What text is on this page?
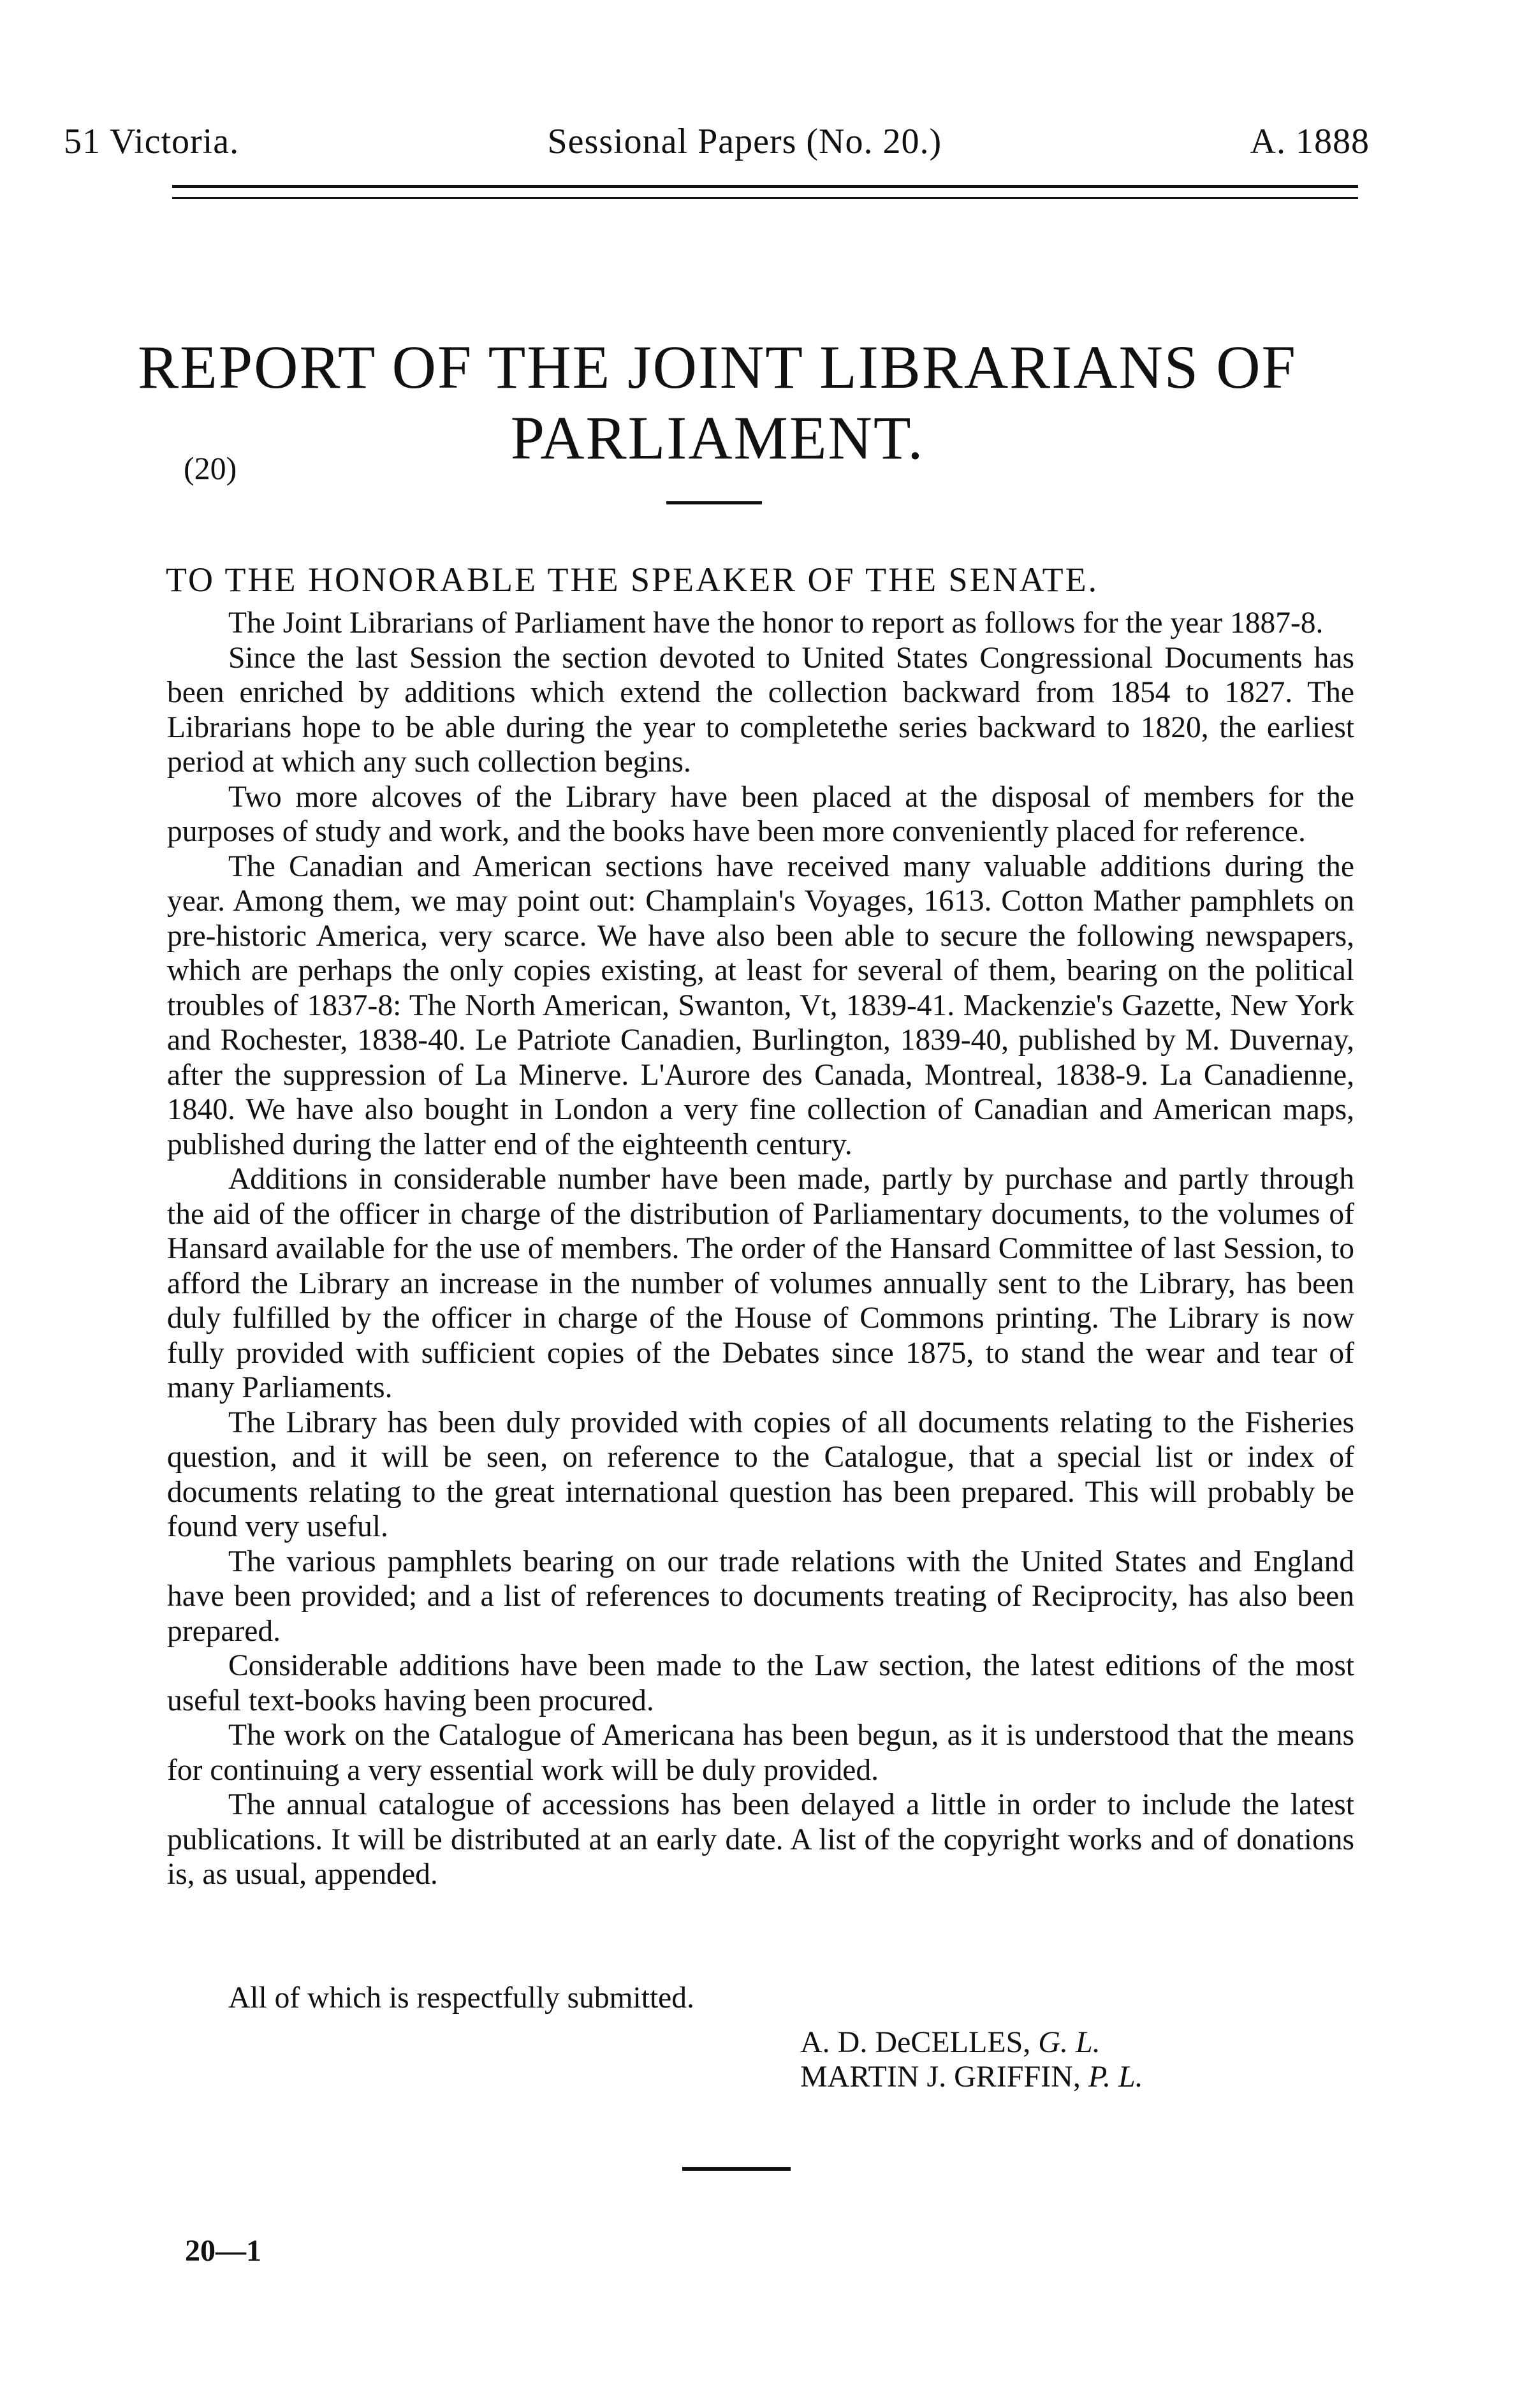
51 Victoria.	Sessional Papers (No. 20.)	A. 1888
REPORT OF THE JOINT LIBRARIANS OF PARLIAMENT.
(20)
TO THE HONORABLE THE SPEAKER OF THE SENATE.

The Joint Librarians of Parliament have the honor to report as follows for the year 1887-8.

Since the last Session the section devoted to United States Congressional Documents has been enriched by additions which extend the collection backward from 1854 to 1827. The Librarians hope to be able during the year to completethe series backward to 1820, the earliest period at which any such collection begins.

Two more alcoves of the Library have been placed at the disposal of members for the purposes of study and work, and the books have been more conveniently placed for reference.

The Canadian and American sections have received many valuable additions during the year. Among them, we may point out: Champlain's Voyages, 1613. Cotton Mather pamphlets on pre-historic America, very scarce. We have also been able to secure the following newspapers, which are perhaps the only copies existing, at least for several of them, bearing on the political troubles of 1837-8: The North American, Swanton, Vt, 1839-41. Mackenzie's Gazette, New York and Rochester, 1838-40. Le Patriote Canadien, Burlington, 1839-40, published by M. Duvernay, after the suppression of La Minerve. L'Aurore des Canada, Montreal, 1838-9. La Canadienne, 1840. We have also bought in London a very fine collection of Canadian and American maps, published during the latter end of the eighteenth century.

Additions in considerable number have been made, partly by purchase and partly through the aid of the officer in charge of the distribution of Parliamentary documents, to the volumes of Hansard available for the use of members. The order of the Hansard Committee of last Session, to afford the Library an increase in the number of volumes annually sent to the Library, has been duly fulfilled by the officer in charge of the House of Commons printing. The Library is now fully provided with sufficient copies of the Debates since 1875, to stand the wear and tear of many Parliaments.

The Library has been duly provided with copies of all documents relating to the Fisheries question, and it will be seen, on reference to the Catalogue, that a special list or index of documents relating to the great international question has been prepared. This will probably be found very useful.

The various pamphlets bearing on our trade relations with the United States and England have been provided; and a list of references to documents treating of Reciprocity, has also been prepared.

Considerable additions have been made to the Law section, the latest editions of the most useful text-books having been procured.

The work on the Catalogue of Americana has been begun, as it is understood that the means for continuing a very essential work will be duly provided.

The annual catalogue of accessions has been delayed a little in order to include the latest publications. It will be distributed at an early date. A list of the copyright works and of donations is, as usual, appended.

All of which is respectfully submitted.
A. D. DeCELLES, G. L.
MARTIN J. GRIFFIN, P. L.
20—1
